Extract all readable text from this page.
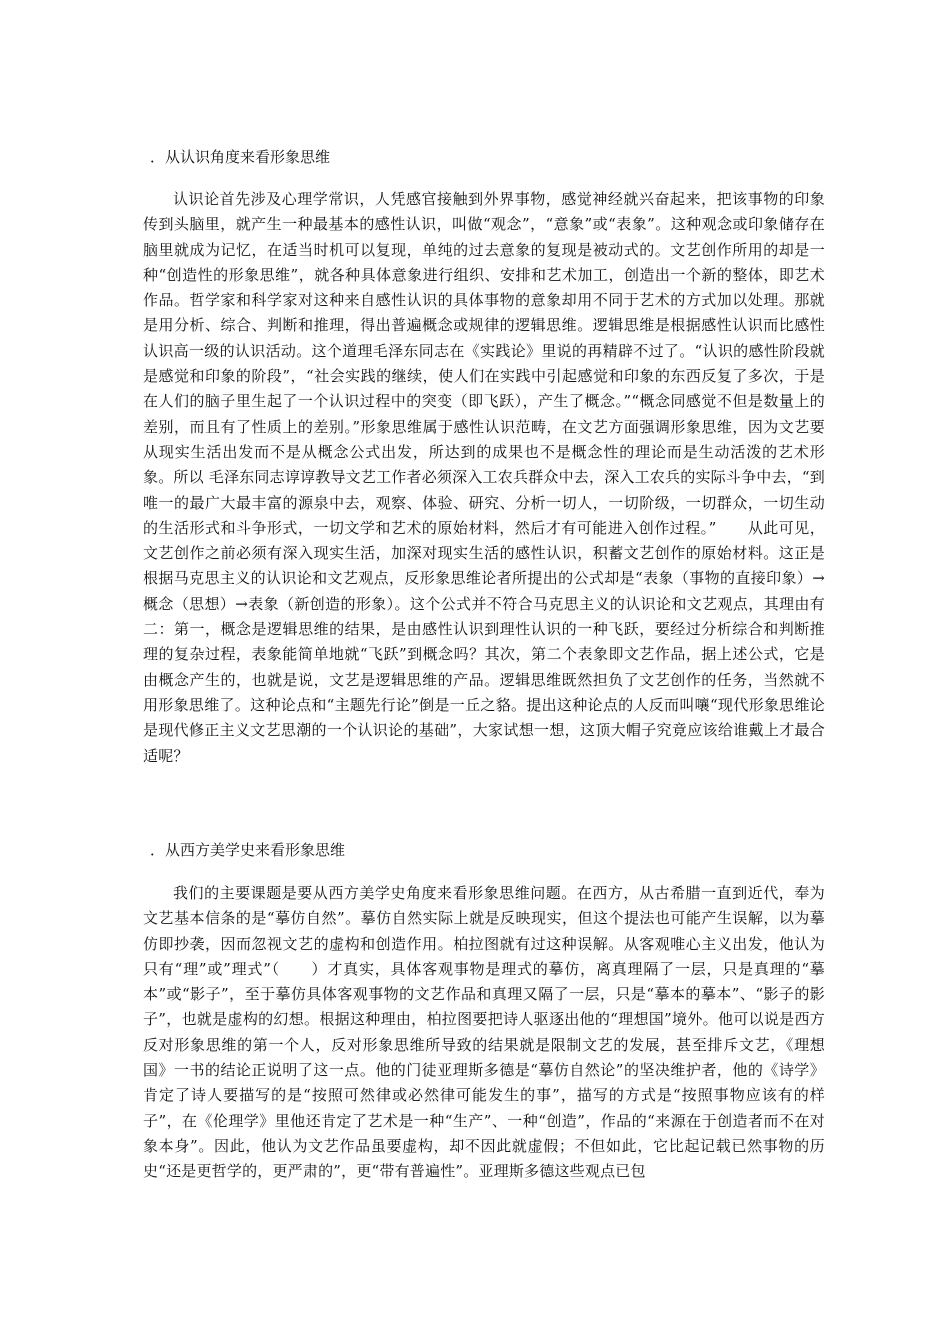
．从认识角度来看形象思维

认识论首先涉及心理学常识，人凭感官接触到外界事物，感觉神经就兴奋起来，把该事物的印象传到头脑里，就产生一种最基本的感性认识，叫做“观念”，“意象”或“表象”。这种观念或印象储存在脑里就成为记忆，在适当时机可以复现，单纯的过去意象的复现是被动式的。文艺创作所用的却是一种“创造性的形象思维”，就各种具体意象进行组织、安排和艺术加工，创造出一个新的整体，即艺术作品。哲学家和科学家对这种来自感性认识的具体事物的意象却用不同于艺术的方式加以处理。那就是用分析、综合、判断和推理，得出普遍概念或规律的逻辑思维。逻辑思维是根据感性认识而比感性认识高一级的认识活动。这个道理毛泽东同志在《实践论》里说的再精辟不过了。“认识的感性阶段就是感觉和印象的阶段”，“社会实践的继续，使人们在实践中引起感觉和印象的东西反复了多次，于是在人们的脑子里生起了一个认识过程中的突变（即飞跃），产生了概念。”“概念同感觉不但是数量上的差别，而且有了性质上的差别。”形象思维属于感性认识范畴，在文艺方面强调形象思维，因为文艺要从现实生活出发而不是从概念公式出发，所达到的成果也不是概念性的理论而是生动活泼的艺术形象。所以 毛泽东同志谆谆教导文艺工作者必须深入工农兵群众中去，深入工农兵的实际斗争中去，“到唯一的最广大最丰富的源泉中去，观察、体验、研究、分析一切人，一切阶级，一切群众，一切生动的生活形式和斗争形式，一切文学和艺术的原始材料，然后才有可能进入创作过程。”　　从此可见，文艺创作之前必须有深入现实生活，加深对现实生活的感性认识，积蓄文艺创作的原始材料。这正是根据马克思主义的认识论和文艺观点，反形象思维论者所提出的公式却是“表象（事物的直接印象）→概念（思想）→表象（新创造的形象）。这个公式并不符合马克思主义的认识论和文艺观点，其理由有二：第一，概念是逻辑思维的结果，是由感性认识到理性认识的一种飞跃，要经过分析综合和判断推理的复杂过程，表象能简单地就“飞跃”到概念吗？其次，第二个表象即文艺作品，据上述公式，它是由概念产生的，也就是说，文艺是逻辑思维的产品。逻辑思维既然担负了文艺创作的任务，当然就不用形象思维了。这种论点和“主题先行论”倒是一丘之貉。提出这种论点的人反而叫嚷“现代形象思维论是现代修正主义文艺思潮的一个认识论的基础”，大家试想一想，这顶大帽子究竟应该给谁戴上才最合适呢？

．从西方美学史来看形象思维

我们的主要课题是要从西方美学史角度来看形象思维问题。在西方，从古希腊一直到近代，奉为文艺基本信条的是“摹仿自然”。摹仿自然实际上就是反映现实，但这个提法也可能产生误解，以为摹仿即抄袭，因而忽视文艺的虚构和创造作用。柏拉图就有过这种误解。从客观唯心主义出发，他认为只有“理”或”理式”（　　）才真实，具体客观事物是理式的摹仿，离真理隔了一层，只是真理的“摹本”或“影子”，至于摹仿具体客观事物的文艺作品和真理又隔了一层，只是“摹本的摹本”、“影子的影子”，也就是虚构的幻想。根据这种理由，柏拉图要把诗人驱逐出他的“理想国”境外。他可以说是西方反对形象思维的第一个人，反对形象思维所导致的结果就是限制文艺的发展，甚至排斥文艺，《理想国》一书的结论正说明了这一点。他的门徒亚理斯多德是“摹仿自然论”的坚决维护者，他的《诗学》肯定了诗人要描写的是“按照可然律或必然律可能发生的事”，描写的方式是“按照事物应该有的样子”，在《伦理学》里他还肯定了艺术是一种“生产”、一种“创造”，作品的“来源在于创造者而不在对象本身”。因此，他认为文艺作品虽要虚构，却不因此就虚假；不但如此，它比起记载已然事物的历史“还是更哲学的，更严肃的”，更“带有普遍性”。亚理斯多德这些观点已包
